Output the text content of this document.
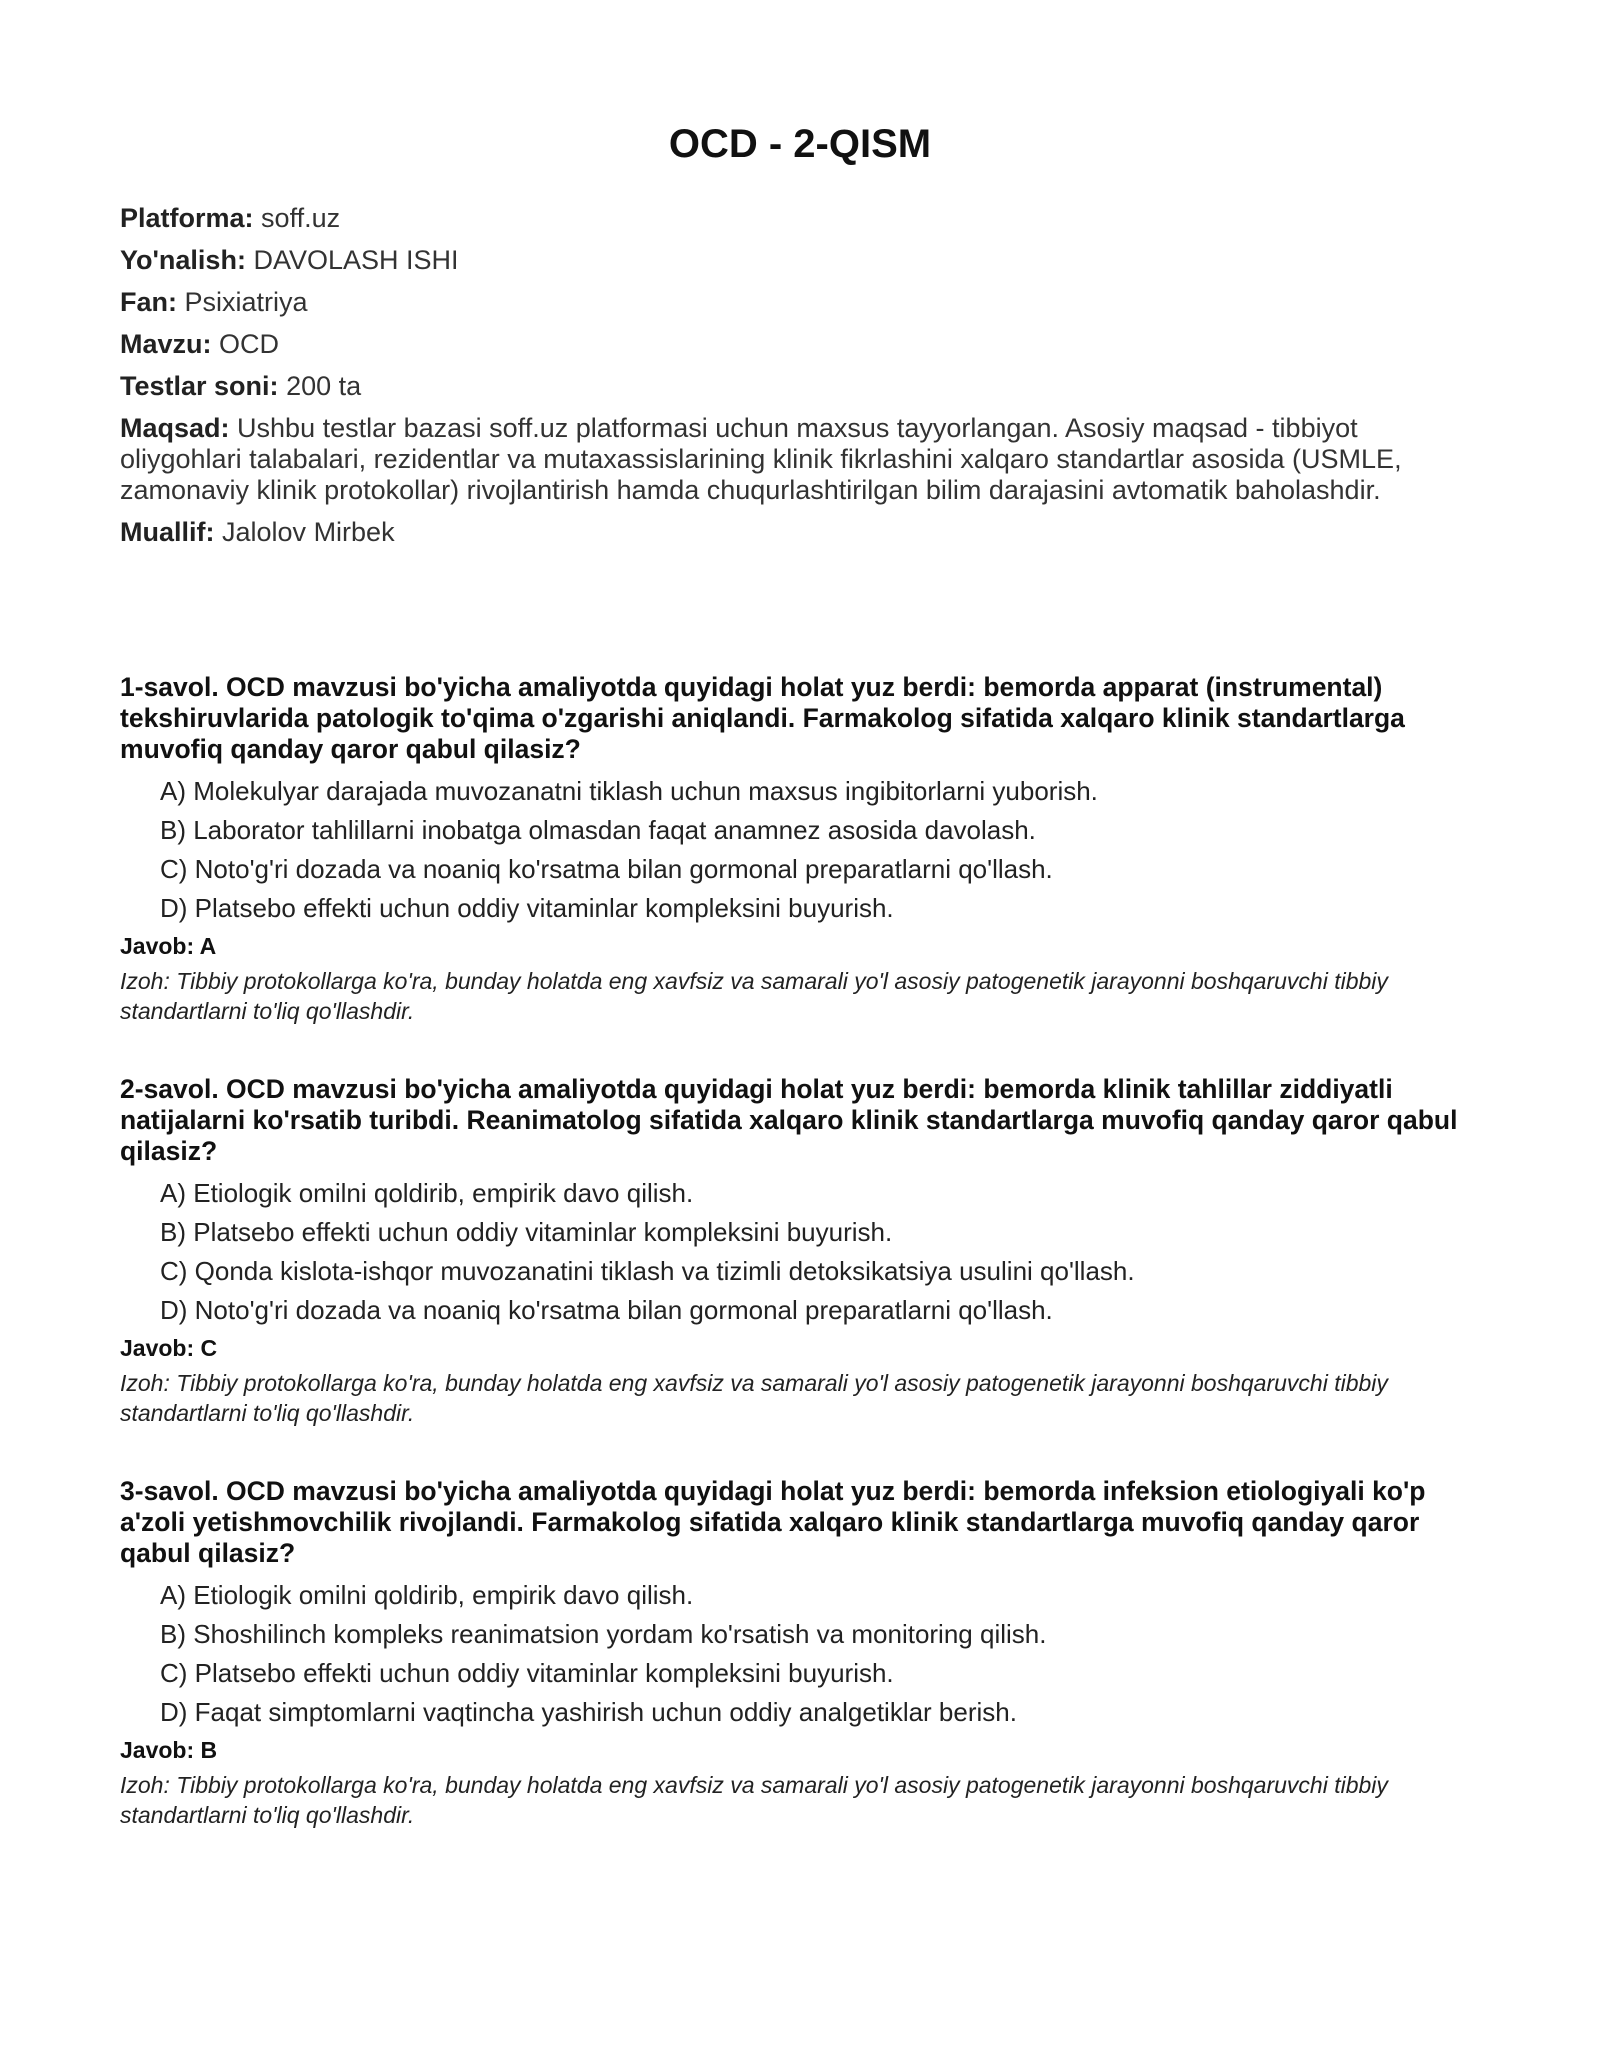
OCD - 2-QISM
Platforma: soff.uz
Yo'nalish: DAVOLASH ISHI
Fan: Psixiatriya
Mavzu: OCD
Testlar soni: 200 ta
Maqsad: Ushbu testlar bazasi soff.uz platformasi uchun maxsus tayyorlangan. Asosiy maqsad - tibbiyot oliygohlari talabalari, rezidentlar va mutaxassislarining klinik fikrlashini xalqaro standartlar asosida (USMLE, zamonaviy klinik protokollar) rivojlantirish hamda chuqurlashtirilgan bilim darajasini avtomatik baholashdir.
Muallif: Jalolov Mirbek

1-savol. OCD mavzusi bo'yicha amaliyotda quyidagi holat yuz berdi: bemorda apparat (instrumental) tekshiruvlarida patologik to'qima o'zgarishi aniqlandi. Farmakolog sifatida xalqaro klinik standartlarga muvofiq qanday qaror qabul qilasiz?

A) Molekulyar darajada muvozanatni tiklash uchun maxsus ingibitorlarni yuborish.
B) Laborator tahlillarni inobatga olmasdan faqat anamnez asosida davolash.
C) Noto'g'ri dozada va noaniq ko'rsatma bilan gormonal preparatlarni qo'llash.
D) Platsebo effekti uchun oddiy vitaminlar kompleksini buyurish.

Javob: A

Izoh: Tibbiy protokollarga ko'ra, bunday holatda eng xavfsiz va samarali yo'l asosiy patogenetik jarayonni boshqaruvchi tibbiy standartlarni to'liq qo'llashdir.

2-savol. OCD mavzusi bo'yicha amaliyotda quyidagi holat yuz berdi: bemorda klinik tahlillar ziddiyatli natijalarni ko'rsatib turibdi. Reanimatolog sifatida xalqaro klinik standartlarga muvofiq qanday qaror qabul qilasiz?

A) Etiologik omilni qoldirib, empirik davo qilish.
B) Platsebo effekti uchun oddiy vitaminlar kompleksini buyurish.
C) Qonda kislota-ishqor muvozanatini tiklash va tizimli detoksikatsiya usulini qo'llash.
D) Noto'g'ri dozada va noaniq ko'rsatma bilan gormonal preparatlarni qo'llash.

Javob: C

Izoh: Tibbiy protokollarga ko'ra, bunday holatda eng xavfsiz va samarali yo'l asosiy patogenetik jarayonni boshqaruvchi tibbiy standartlarni to'liq qo'llashdir.

3-savol. OCD mavzusi bo'yicha amaliyotda quyidagi holat yuz berdi: bemorda infeksion etiologiyali ko'p a'zoli yetishmovchilik rivojlandi. Farmakolog sifatida xalqaro klinik standartlarga muvofiq qanday qaror qabul qilasiz?

A) Etiologik omilni qoldirib, empirik davo qilish.
B) Shoshilinch kompleks reanimatsion yordam ko'rsatish va monitoring qilish.
C) Platsebo effekti uchun oddiy vitaminlar kompleksini buyurish.
D) Faqat simptomlarni vaqtincha yashirish uchun oddiy analgetiklar berish.

Javob: B

Izoh: Tibbiy protokollarga ko'ra, bunday holatda eng xavfsiz va samarali yo'l asosiy patogenetik jarayonni boshqaruvchi tibbiy standartlarni to'liq qo'llashdir.
